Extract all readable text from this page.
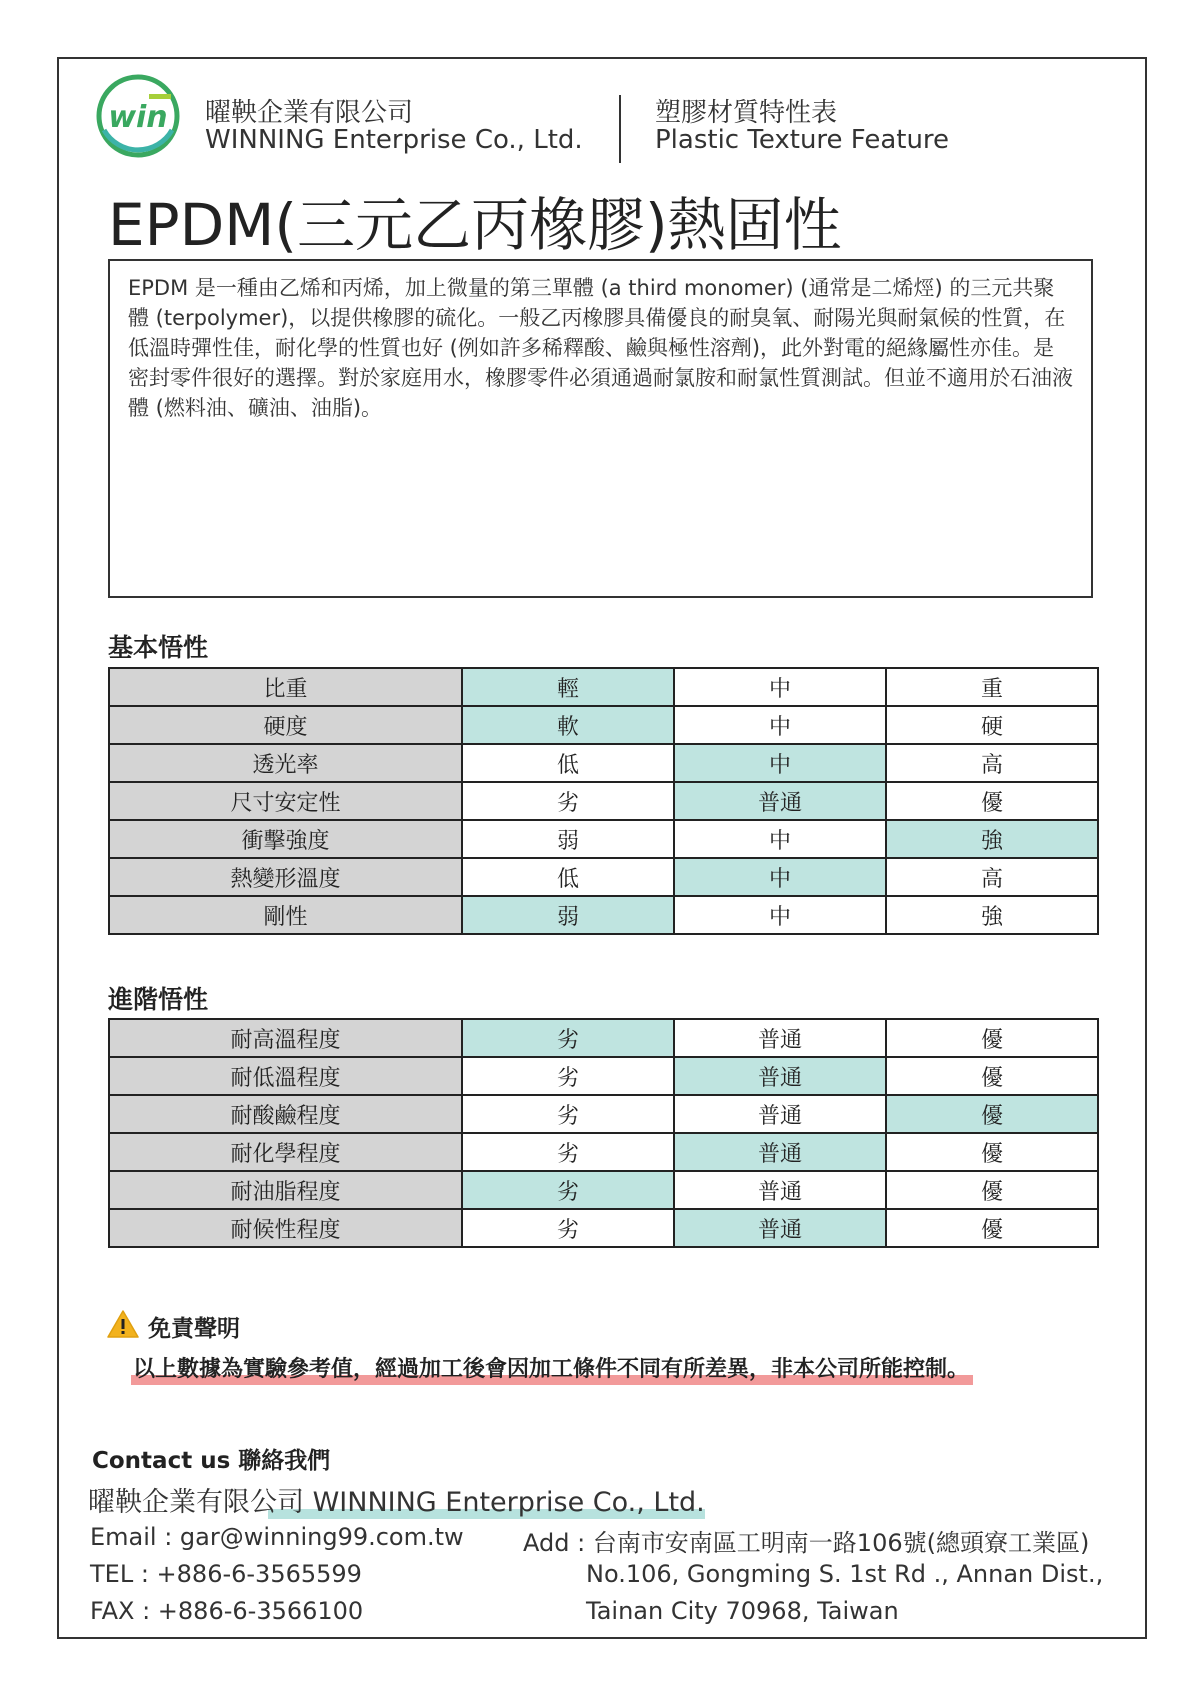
win 曜鞅企業有限公司
WINNING Enterprise Co., Ltd.
塑膠材質特性表
Plastic Texture Feature
EPDM(三元乙丙橡膠)熱固性

EPDM 是一種由乙烯和丙烯，加上微量的第三單體 (a third monomer) (通常是二烯烴) 的三元共聚體 (terpolymer)，以提供橡膠的硫化。一般乙丙橡膠具備優良的耐臭氧、耐陽光與耐氣候的性質，在低溫時彈性佳，耐化學的性質也好 (例如許多稀釋酸、鹼與極性溶劑)，此外對電的絕緣屬性亦佳。是密封零件很好的選擇。對於家庭用水，橡膠零件必須通過耐氯胺和耐氯性質測試。但並不適用於石油液體 (燃料油、礦油、油脂)。

基本悟性
比重	輕	中	重
硬度	軟	中	硬
透光率	低	中	高
尺寸安定性	劣	普通	優
衝擊強度	弱	中	強
熱變形溫度	低	中	高
剛性	弱	中	強
進階悟性
耐高溫程度	劣	普通	優
耐低溫程度	劣	普通	優
耐酸鹼程度	劣	普通	優
耐化學程度	劣	普通	優
耐油脂程度	劣	普通	優
耐候性程度	劣	普通	優
免責聲明
以上數據為實驗參考值，經過加工後會因加工條件不同有所差異，非本公司所能控制。
Contact us 聯絡我們
曜鞅企業有限公司 WINNING Enterprise Co., Ltd.
Email : gar@winning99.com.tw
TEL : +886-6-3565599
FAX : +886-6-3566100
Add : 台南市安南區工明南一路106號(總頭寮工業區)
No.106, Gongming S. 1st Rd ., Annan Dist.,
Tainan City 70968, Taiwan
